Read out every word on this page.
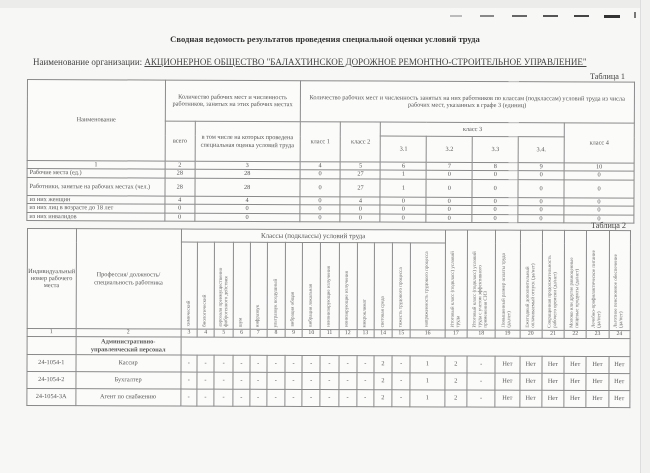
Сводная ведомость результатов проведения специальной оценки условий труда
Наименование организации: АКЦИОНЕРНОЕ ОБЩЕСТВО "БАЛАХТИНСКОЕ ДОРОЖНОЕ РЕМОНТНО-СТРОИТЕЛЬНОЕ УПРАВЛЕНИЕ"
Таблица 1
Наименование	Количество рабочих мест и численность работников, занятых на этих рабочих местах		Количество рабочих мест и численность занятых на них работников по классам (подклассам) условий труда из числа рабочих мест, указанных в графе 3 (единиц)						
	всего	в том числе на которых проведена специальная оценка условий труда	класс 1	класс 2	класс 3				класс 4
					3.1	3.2	3.3	3.4.	
1	2	3	4	5	6	7	8	9	10
Рабочие места (ед.)	28	28	0	27	1	0	0	0	0
Работники, занятые на рабочих местах (чел.)	28	28	0	27	1	0	0	0	0
из них женщин	4	4	0	4	0	0	0	0	0
из них лиц в возрасте до 18 лет	0	0	0	0	0	0	0	0	0
из них инвалидов	0	0	0	0	0	0	0	0	0
Таблица 2
Индивидуальный номер рабочего места	Профессия/ должность/ специальность работника	Классы (подклассы) условий труда														Итоговый класс (подкласс) условий труда	Итоговый класс (подкласс) условий труда с учетом эффективного применения СИЗ	Повышенный размер оплаты труда (да,нет)	Ежегодный дополнительный оплачиваемый отпуск (да/нет)	Сокращенная продолжительность рабочего времени (да/нет)	Молоко или другие равноценные пищевые продукты (да/нет)	Лечебно-профилактическое питание (да/нет)	Льготное пенсионное обеспечение (да/нет)

		химический	биологический	аэрозоли преимущественно фиброгенного действия	шум	инфразвук	ультразвук воздушный	вибрация общая	вибрация локальная	неионизирующие излучения	ионизирующие излучения	микроклимат	световая среда	тяжесть трудового процесса	напряженность трудового процесса								

1	2	3	4	5	6	7	8	9	10	11	12	13	14	15	16	17	18	19	20	21	22	23	24
	Административно-управленческий персонал																						
24-1054-1	Кассир	-	-	-	-	-	-	-	-	-	-	-	2	-	1	2	-	Нет	Нет	Нет	Нет	Нет	Нет
24-1054-2	Бухгалтер	-	-	-	-	-	-	-	-	-	-	-	2	-	1	2	-	Нет	Нет	Нет	Нет	Нет	Нет
24-1054-3А	Агент по снабжению	-	-	-	-	-	-	-	-	-	-	-	2	-	1	2	-	Нет	Нет	Нет	Нет	Нет	Нет
